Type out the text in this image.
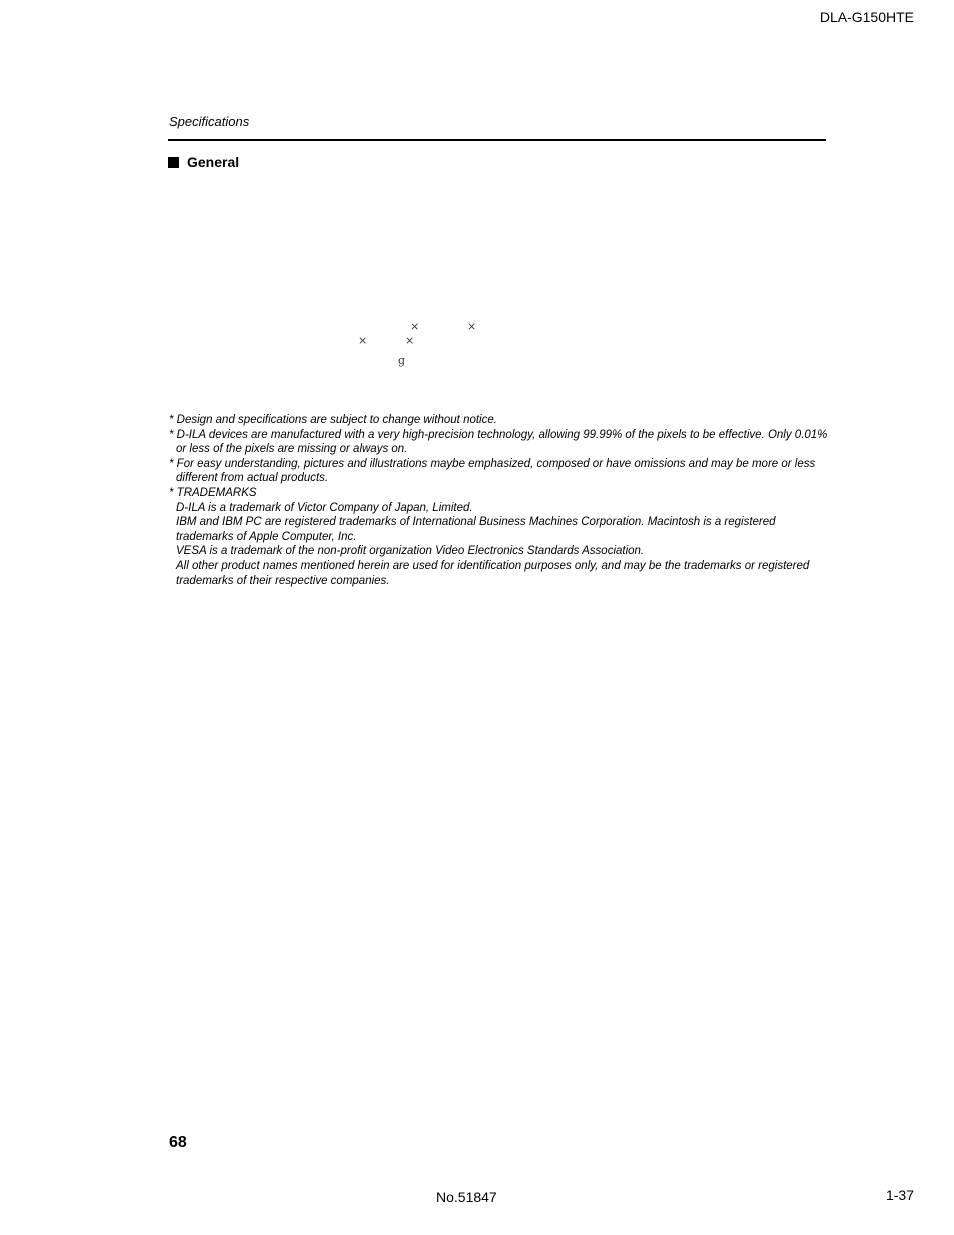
DLA-G150HTE
Specifications
General
×	×
×	×
g

* Design and specifications are subject to change without notice.

* D-ILA devices are manufactured with a very high-precision technology, allowing 99.99% of the pixels to be effective. Only 0.01% or less of the pixels are missing or always on.

* For easy understanding, pictures and illustrations maybe emphasized, composed or have omissions and may be more or less different from actual products.

* TRADEMARKS

D-ILA is a trademark of Victor Company of Japan, Limited.

IBM and IBM PC are registered trademarks of International Business Machines Corporation. Macintosh is a registered trademarks of Apple Computer, Inc.

VESA is a trademark of the non-profit organization Video Electronics Standards Association.

All other product names mentioned herein are used for identification purposes only, and may be the trademarks or registered trademarks of their respective companies.

68
No.51847	1-37
